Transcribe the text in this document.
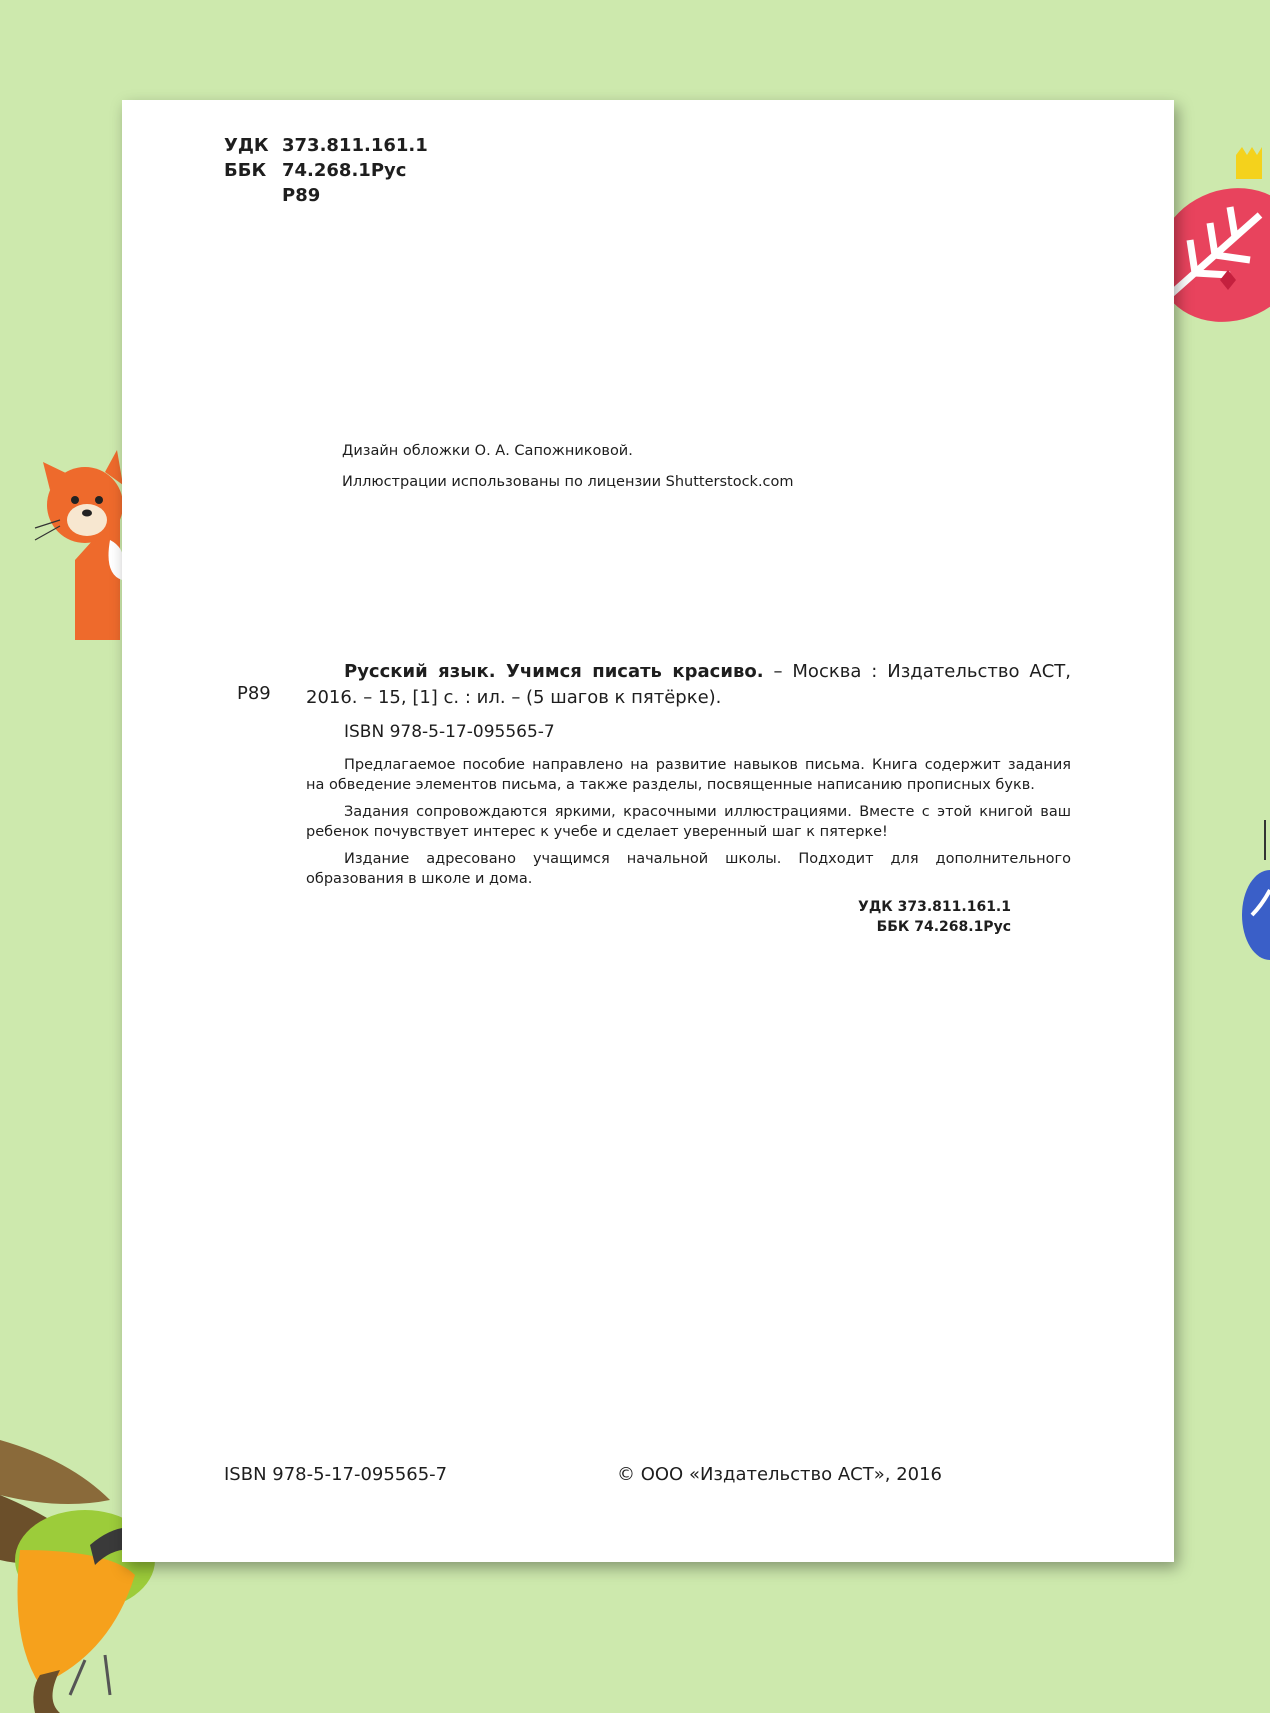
УДК 373.811.161.1
ББК 74.268.1Рус
Р89
Дизайн обложки О. А. Сапожниковой.
Иллюстрации использованы по лицензии Shutterstock.com
Р89

Русский язык. Учимся писать красиво. – Москва : Издательство АСТ, 2016. – 15, [1] с. : ил. – (5 шагов к пятёрке).

ISBN 978-5-17-095565-7

Предлагаемое пособие направлено на развитие навыков письма. Книга содержит задания на обведение элементов письма, а также разделы, посвященные написанию прописных букв.

Задания сопровождаются яркими, красочными иллюстрациями. Вместе с этой книгой ваш ребенок почувствует интерес к учебе и сделает уверенный шаг к пятерке!

Издание адресовано учащимся начальной школы. Подходит для дополнительного образования в школе и дома.

УДК 373.811.161.1
ББК 74.268.1Рус
ISBN 978-5-17-095565-7	© ООО «Издательство АСТ», 2016
